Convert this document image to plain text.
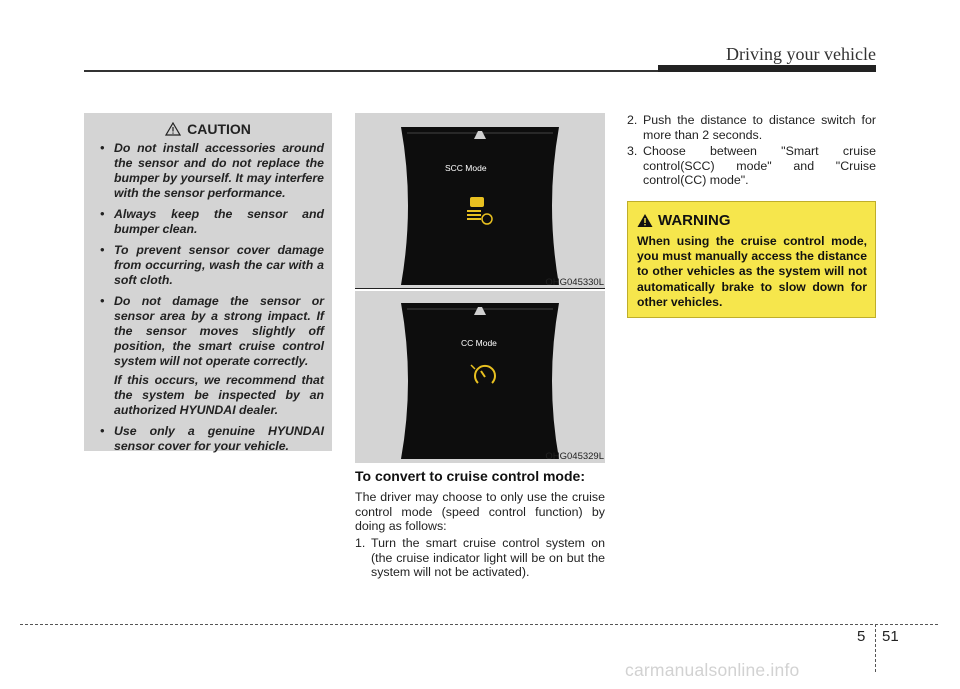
Driving your vehicle
CAUTION
• Do not install accessories around the sensor and do not replace the bumper by yourself. It may interfere with the sensor performance.
• Always keep the sensor and bumper clean.
• To prevent sensor cover damage from occurring, wash the car with a soft cloth.
• Do not damage the sensor or sensor area by a strong impact. If the sensor moves slightly off position, the smart cruise control system will not operate correctly.

If this occurs, we recommend that the system be inspected by an authorized HYUNDAI dealer.

• Use only a genuine HYUNDAI sensor cover for your vehicle.
SCC Mode
OHG045330L
CC Mode
OHG045329L
To convert to cruise control mode:
The driver may choose to only use the cruise control mode (speed control function) by doing as follows:
1. Turn the smart cruise control system on (the cruise indicator light will be on but the system will not be activated).
2. Push the distance to distance switch for more than 2 seconds.
3. Choose between "Smart cruise control(SCC) mode" and "Cruise control(CC) mode".
WARNING
When using the cruise control mode, you must manually access the distance to other vehicles as the system will not automatically brake to slow down for other vehicles.
5 51
carmanualsonline.info
